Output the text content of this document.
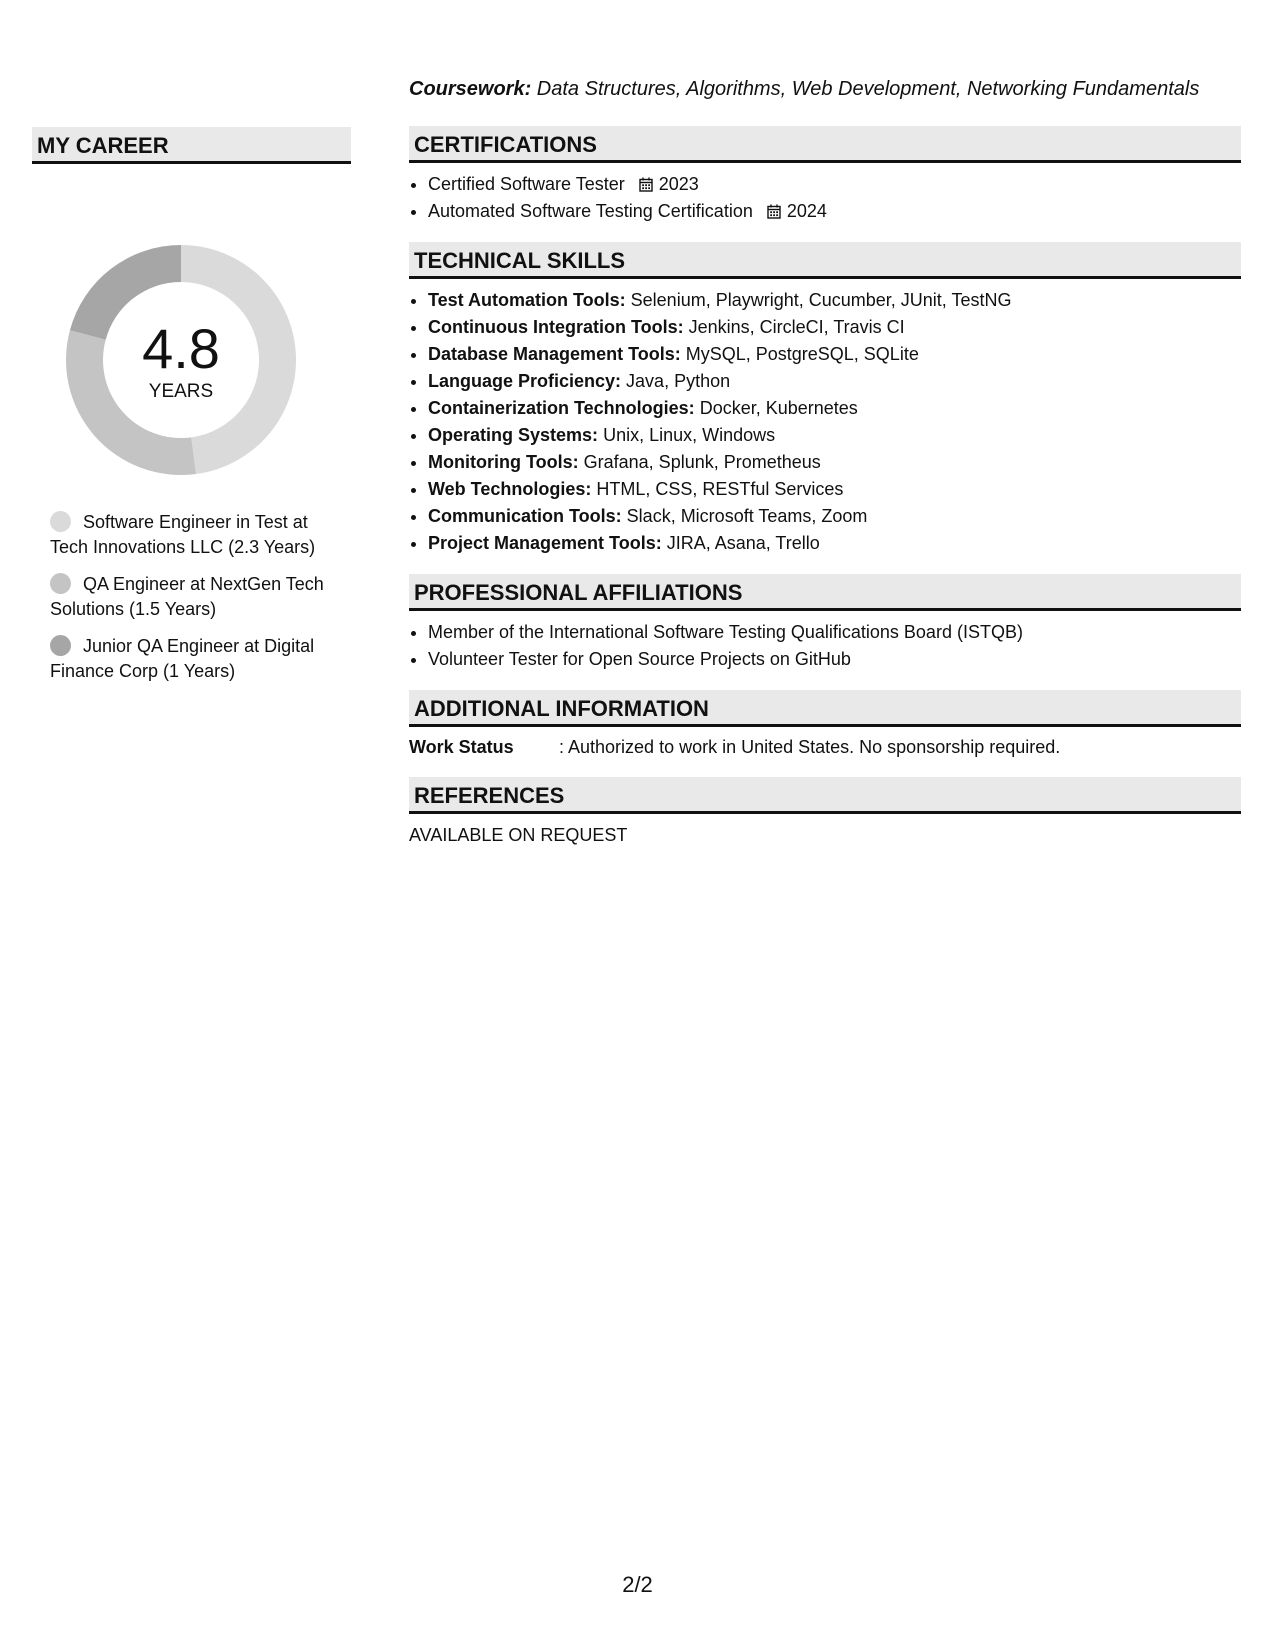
Coursework: Data Structures, Algorithms, Web Development, Networking Fundamentals
MY CAREER
4.8
YEARS
Software Engineer in Test at Tech Innovations LLC (2.3 Years)
QA Engineer at NextGen Tech Solutions (1.5 Years)
Junior QA Engineer at Digital Finance Corp (1 Years)
CERTIFICATIONS
• Certified Software Tester 2023
• Automated Software Testing Certification 2024
TECHNICAL SKILLS
• Test Automation Tools: Selenium, Playwright, Cucumber, JUnit, TestNG
• Continuous Integration Tools: Jenkins, CircleCI, Travis CI
• Database Management Tools: MySQL, PostgreSQL, SQLite
• Language Proficiency: Java, Python
• Containerization Technologies: Docker, Kubernetes
• Operating Systems: Unix, Linux, Windows
• Monitoring Tools: Grafana, Splunk, Prometheus
• Web Technologies: HTML, CSS, RESTful Services
• Communication Tools: Slack, Microsoft Teams, Zoom
• Project Management Tools: JIRA, Asana, Trello
PROFESSIONAL AFFILIATIONS
• Member of the International Software Testing Qualifications Board (ISTQB)
• Volunteer Tester for Open Source Projects on GitHub
ADDITIONAL INFORMATION
Work Status	: Authorized to work in United States. No sponsorship required.
REFERENCES
AVAILABLE ON REQUEST
2/2
